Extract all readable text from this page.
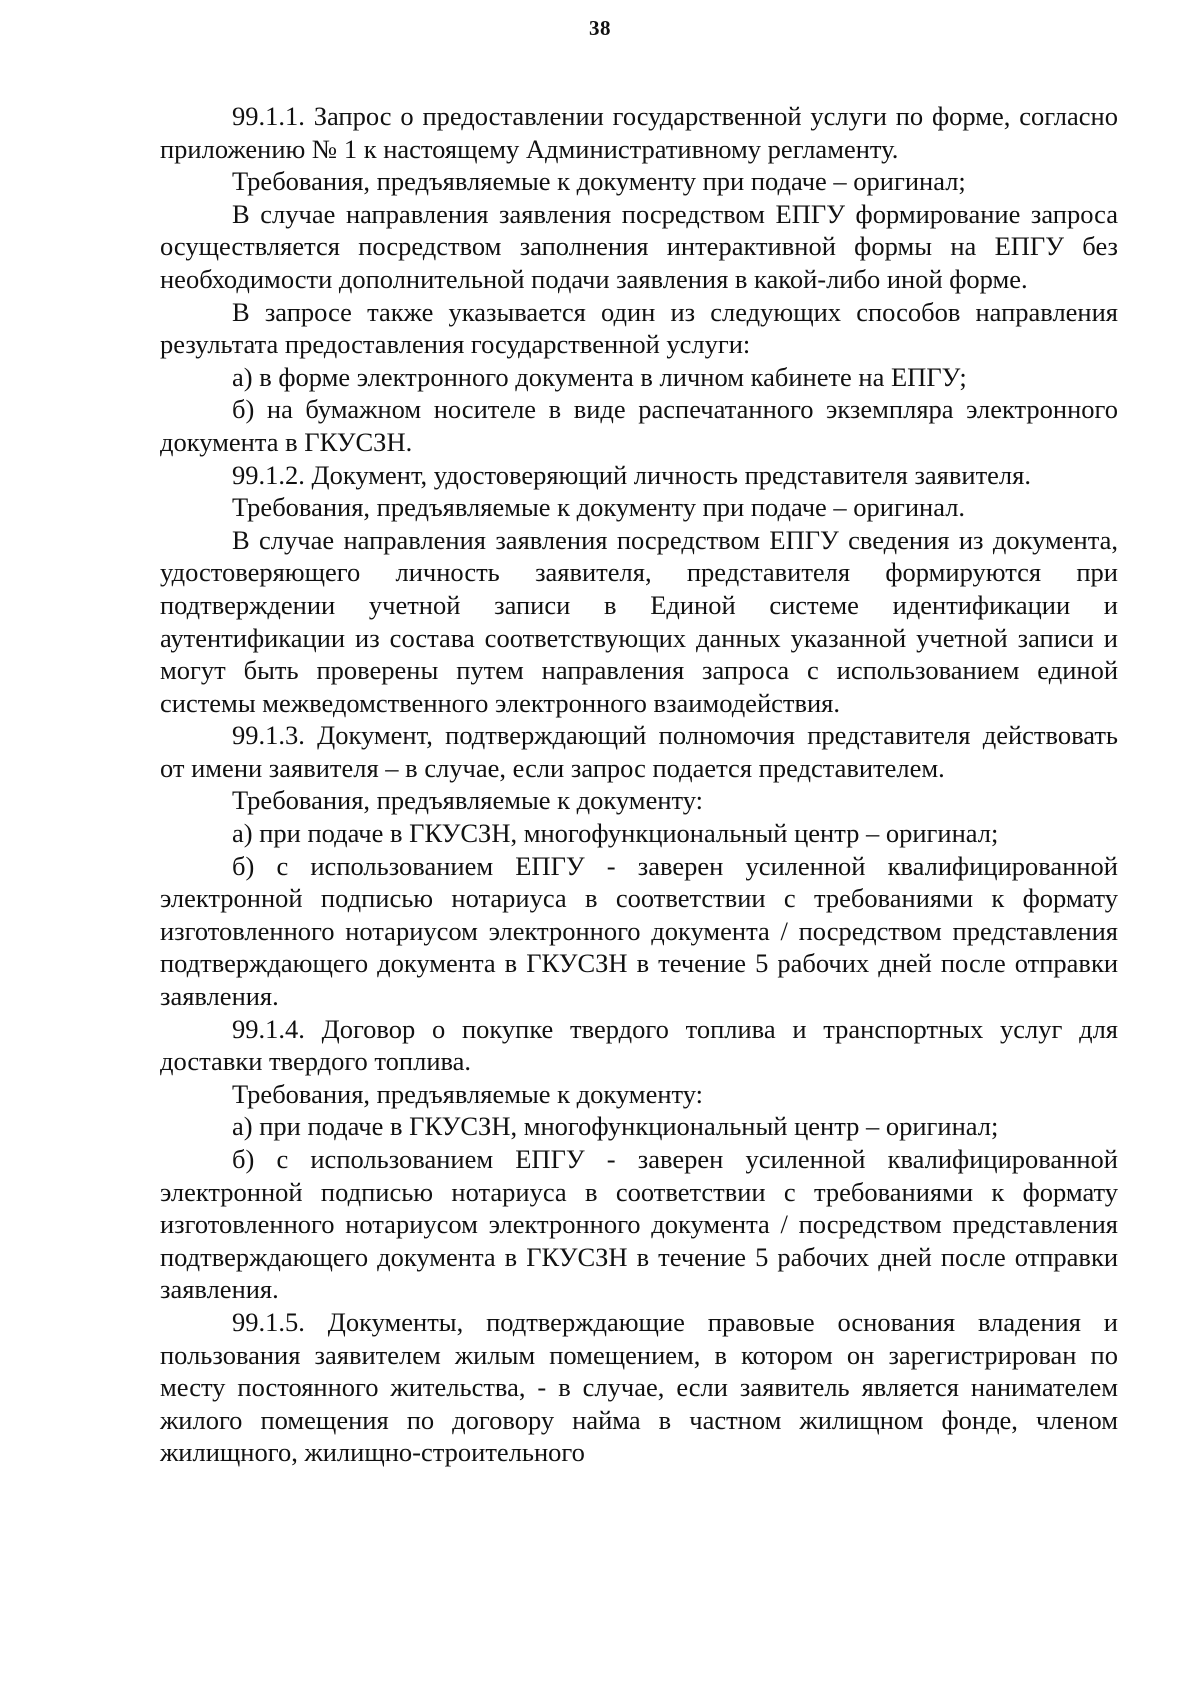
38

99.1.1. Запрос о предоставлении государственной услуги по форме, согласно приложению № 1 к настоящему Административному регламенту.

Требования, предъявляемые к документу при подаче – оригинал;

В случае направления заявления посредством ЕПГУ формирование запроса осуществляется посредством заполнения интерактивной формы на ЕПГУ без необходимости дополнительной подачи заявления в какой-либо иной форме.

В запросе также указывается один из следующих способов направления результата предоставления государственной услуги:

а) в форме электронного документа в личном кабинете на ЕПГУ;

б) на бумажном носителе в виде распечатанного экземпляра электронного документа в ГКУСЗН.

99.1.2. Документ, удостоверяющий личность представителя заявителя.

Требования, предъявляемые к документу при подаче – оригинал.

В случае направления заявления посредством ЕПГУ сведения из документа, удостоверяющего личность заявителя, представителя формируются при подтверждении учетной записи в Единой системе идентификации и аутентификации из состава соответствующих данных указанной учетной записи и могут быть проверены путем направления запроса с использованием единой системы межведомственного электронного взаимодействия.

99.1.3. Документ, подтверждающий полномочия представителя действовать от имени заявителя – в случае, если запрос подается представителем.

Требования, предъявляемые к документу:

а) при подаче в ГКУСЗН, многофункциональный центр – оригинал;

б) с использованием ЕПГУ - заверен усиленной квалифицированной электронной подписью нотариуса в соответствии с требованиями к формату изготовленного нотариусом электронного документа / посредством представления подтверждающего документа в ГКУСЗН в течение 5 рабочих дней после отправки заявления.

99.1.4. Договор о покупке твердого топлива и транспортных услуг для доставки твердого топлива.

Требования, предъявляемые к документу:

а) при подаче в ГКУСЗН, многофункциональный центр – оригинал;

б) с использованием ЕПГУ - заверен усиленной квалифицированной электронной подписью нотариуса в соответствии с требованиями к формату изготовленного нотариусом электронного документа / посредством представления подтверждающего документа в ГКУСЗН в течение 5 рабочих дней после отправки заявления.

99.1.5. Документы, подтверждающие правовые основания владения и пользования заявителем жилым помещением, в котором он зарегистрирован по месту постоянного жительства, - в случае, если заявитель является нанимателем жилого помещения по договору найма в частном жилищном фонде, членом жилищного, жилищно-строительного
